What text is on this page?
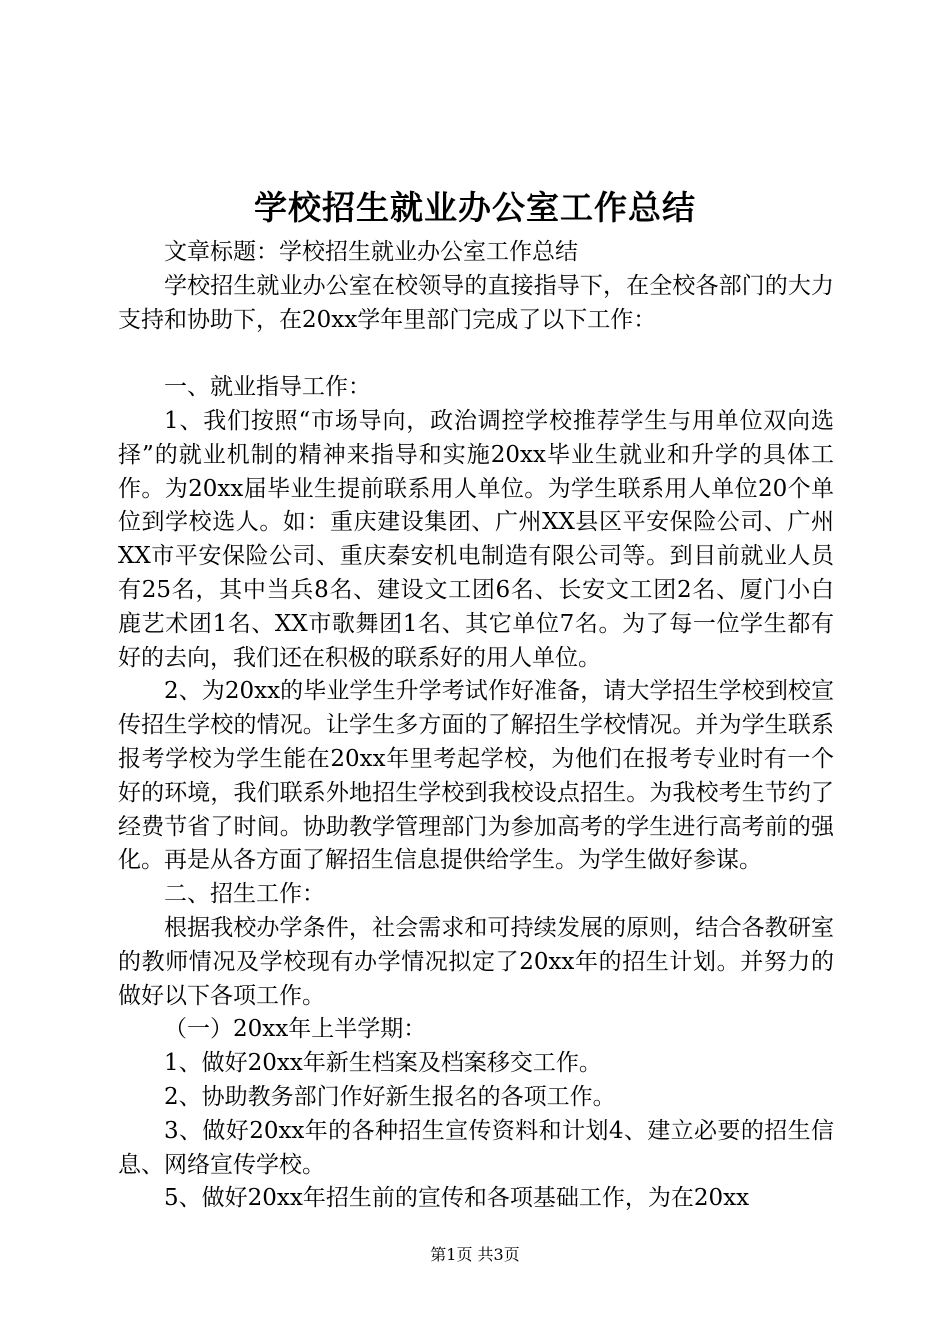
学校招生就业办公室工作总结

文章标题：学校招生就业办公室工作总结

学校招生就业办公室在校领导的直接指导下，在全校各部门的大力支持和协助下，在20xx学年里部门完成了以下工作：

一、就业指导工作：

1、我们按照“市场导向，政治调控学校推荐学生与用单位双向选择”的就业机制的精神来指导和实施20xx毕业生就业和升学的具体工作。为20xx届毕业生提前联系用人单位。为学生联系用人单位20个单位到学校选人。如：重庆建设集团、广州XX县区平安保险公司、广州XX市平安保险公司、重庆秦安机电制造有限公司等。到目前就业人员有25名，其中当兵8名、建设文工团6名、长安文工团2名、厦门小白鹿艺术团1名、XX市歌舞团1名、其它单位7名。为了每一位学生都有好的去向，我们还在积极的联系好的用人单位。

2、为20xx的毕业学生升学考试作好准备，请大学招生学校到校宣传招生学校的情况。让学生多方面的了解招生学校情况。并为学生联系报考学校为学生能在20xx年里考起学校，为他们在报考专业时有一个好的环境，我们联系外地招生学校到我校设点招生。为我校考生节约了经费节省了时间。协助教学管理部门为参加高考的学生进行高考前的强化。再是从各方面了解招生信息提供给学生。为学生做好参谋。

二、招生工作：

根据我校办学条件，社会需求和可持续发展的原则，结合各教研室的教师情况及学校现有办学情况拟定了20xx年的招生计划。并努力的做好以下各项工作。

（一）20xx年上半学期：

1、做好20xx年新生档案及档案移交工作。

2、协助教务部门作好新生报名的各项工作。

3、做好20xx年的各种招生宣传资料和计划4、建立必要的招生信息、网络宣传学校。

5、做好20xx年招生前的宣传和各项基础工作，为在20xx

第1页 共3页
